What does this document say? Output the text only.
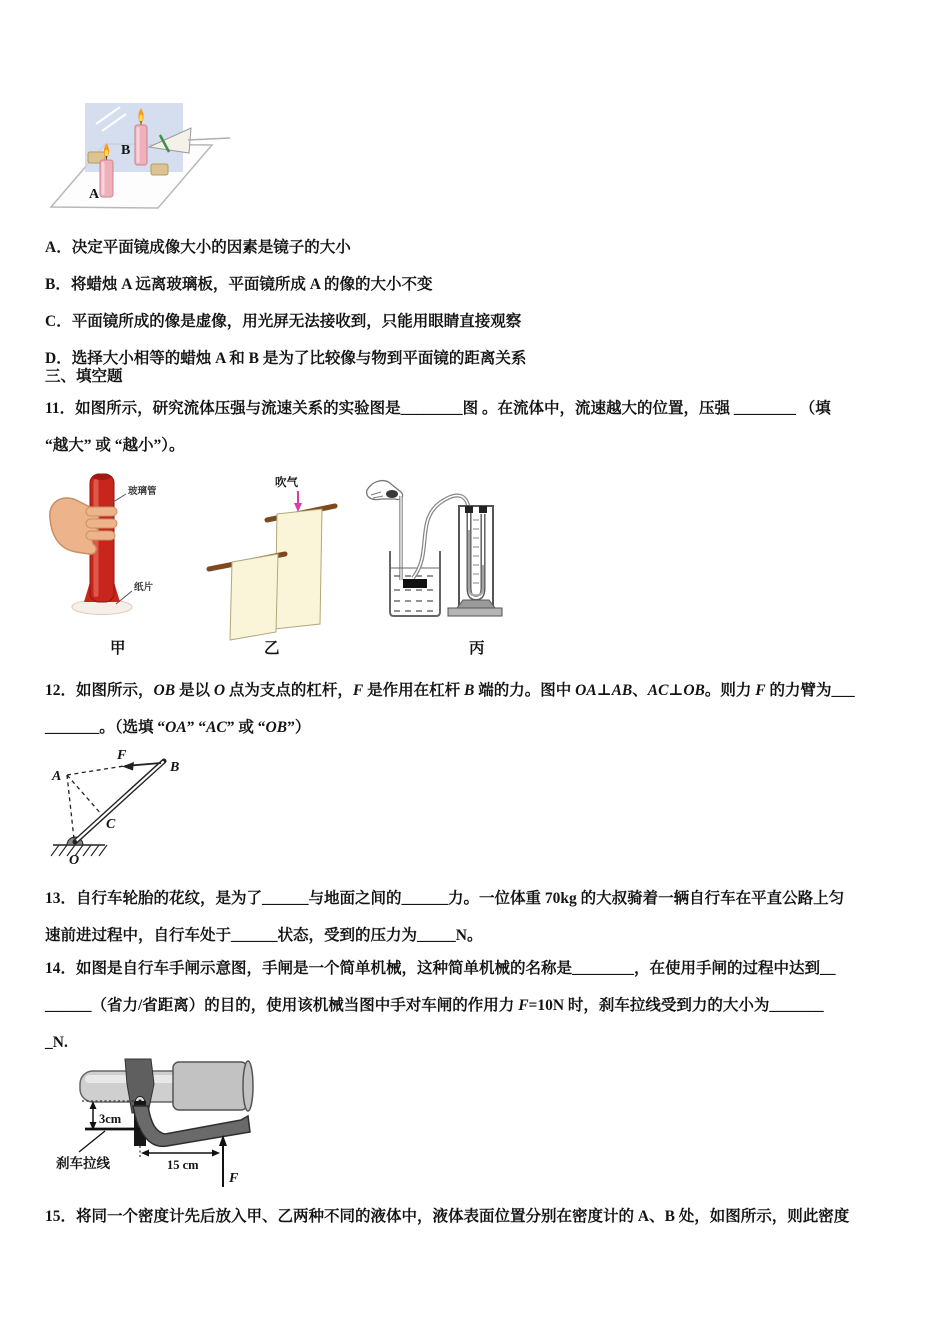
A
B
A．决定平面镜成像大小的因素是镜子的大小
B．将蜡烛 A 远离玻璃板，平面镜所成 A 的像的大小不变
C．平面镜所成的像是虚像，用光屏无法接收到，只能用眼睛直接观察
D．选择大小相等的蜡烛 A 和 B 是为了比较像与物到平面镜的距离关系
三、填空题
11．如图所示，研究流体压强与流速关系的实验图是________图 。在流体中，流速越大的位置，压强 ________ （填
“越大” 或 “越小”）。
玻璃管
纸片
吹气
甲	乙	丙
12．如图所示，OB 是以 O 点为支点的杠杆，F 是作用在杠杆 B 端的力。图中 OA⊥AB、AC⊥OB。则力 F 的力臂为___
_______。（选填 “OA” “AC” 或 “OB”）
A
B
C
O
F
13．自行车轮胎的花纹，是为了______与地面之间的______力。一位体重 70kg 的大叔骑着一辆自行车在平直公路上匀
速前进过程中，自行车处于______状态，受到的压力为_____N。
14．如图是自行车手闸示意图，手闸是一个简单机械，这种简单机械的名称是________，在使用手闸的过程中达到__
______（省力/省距离）的目的，使用该机械当图中手对车闸的作用力 F=10N 时，刹车拉线受到力的大小为_______
_N.
3cm
刹车拉线	15 cm
F
15．将同一个密度计先后放入甲、乙两种不同的液体中，液体表面位置分别在密度计的 A、B 处，如图所示，则此密度
